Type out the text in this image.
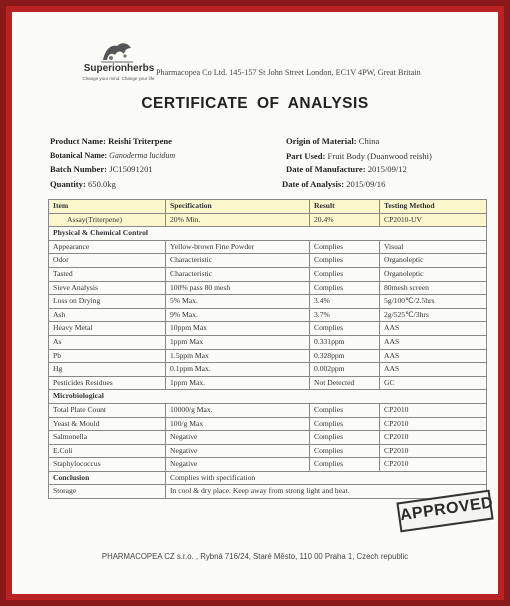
Superionherbs
Change your mind. Change your life.
Pharmacopea Co Ltd. 145-157 St John Street London, EC1V 4PW, Great Britain
CERTIFICATE OF ANALYSIS
Product Name: Reishi Triterpene
Botanical Name: Ganoderma lucidum
Batch Number: JC15091201
Quantity: 650.0kg
Origin of Material: China
Part Used: Fruit Body (Duanwood reishi)
Date of Manufacture: 2015/09/12
Date of Analysis: 2015/09/16
Item	Specification	Result	Testing Method
Assay(Triterpene)	20% Min.	20.4%	CP2010-UV
Physical & Chemical Control			
Appearance	Yellow-brown Fine Powder	Complies	Visual
Odor	Characteristic	Complies	Organoleptic
Tasted	Characteristic	Complies	Organoleptic
Sieve Analysis	100% pass 80 mesh	Complies	80mesh screen
Loss on Drying	5% Max.	3.4%	5g/100℃/2.5hrs
Ash	9% Max.	3.7%	2g/525℃/3hrs
Heavy Metal	10ppm Max	Complies	AAS
As	1ppm Max	0.331ppm	AAS
Pb	1.5ppm Max	0.328ppm	AAS
Hg	0.1ppm Max.	0.002ppm	AAS
Pesticides Residues	1ppm Max.	Not Detected	GC
Microbiological			
Total Plate Count	10000/g Max.	Complies	CP2010
Yeast & Mould	100/g Max	Complies	CP2010
Salmonella	Negative	Complies	CP2010
E.Coli	Negative	Complies	CP2010
Staphylococcus	Negative	Complies	CP2010
Conclusion	Complies with specification		
Storage	In cool & dry place. Keep away from strong light and heat.		
APPROVED
PHARMACOPEA CZ s.r.o. , Rybná 716/24, Staré Město, 110 00 Praha 1, Czech republic
